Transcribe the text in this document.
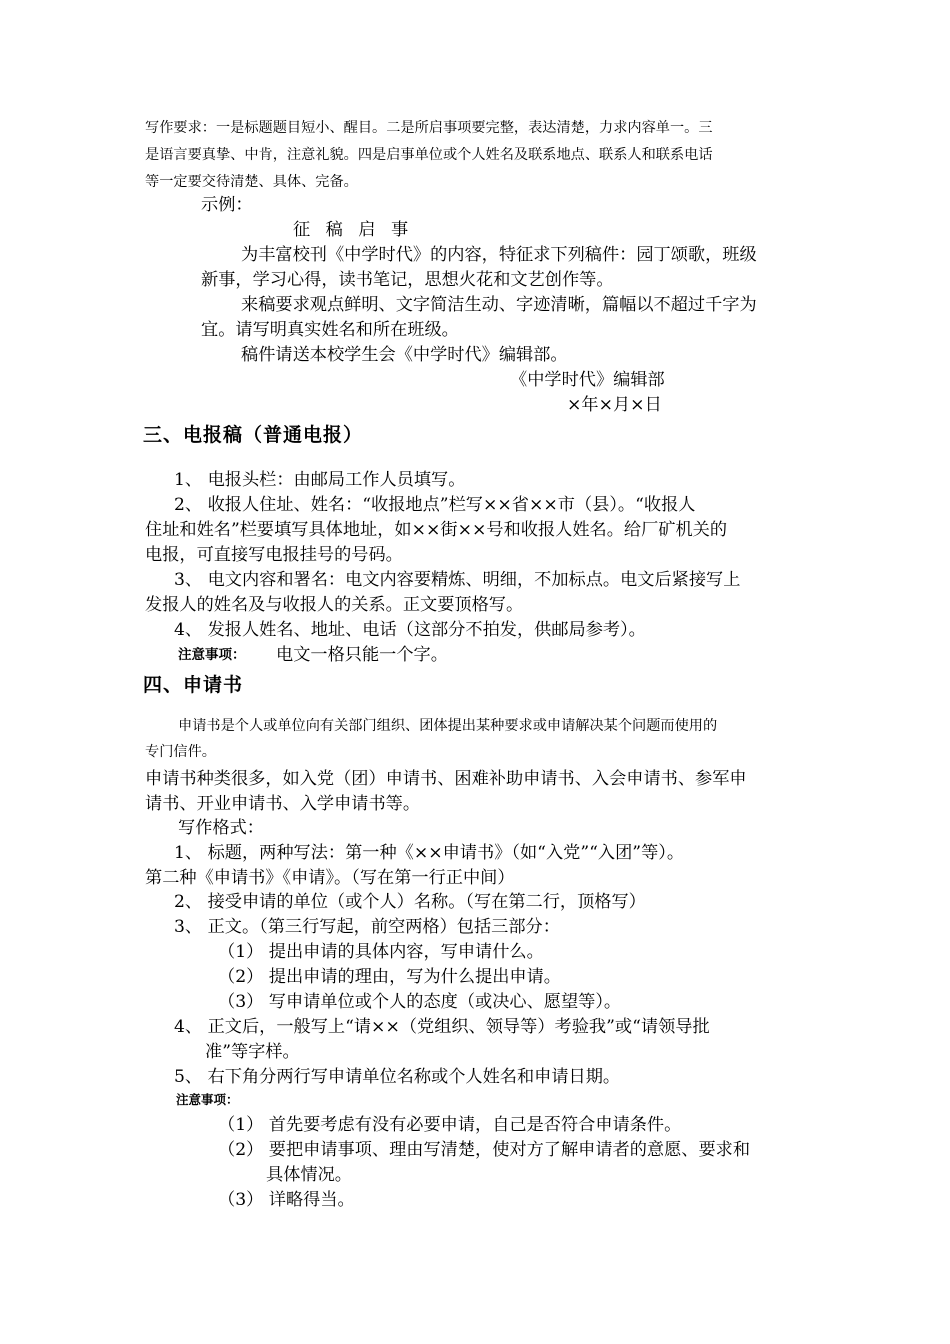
写作要求：一是标题题目短小、醒目。二是所启事项要完整，表达清楚，力求内容单一。三

是语言要真挚、中肯，注意礼貌。四是启事单位或个人姓名及联系地点、联系人和联系电话

等一定要交待清楚、具体、完备。

示例：

征 稿 启 事

为丰富校刊《中学时代》的内容，特征求下列稿件：园丁颂歌，班级

新事，学习心得，读书笔记，思想火花和文艺创作等。

来稿要求观点鲜明、文字简洁生动、字迹清晰，篇幅以不超过千字为

宜。请写明真实姓名和所在班级。

稿件请送本校学生会《中学时代》编辑部。

《中学时代》编辑部

×年×月×日

三、电报稿（普通电报）

1、 电报头栏：由邮局工作人员填写。

2、 收报人住址、姓名：“收报地点”栏写××省××市（县）。“收报人

住址和姓名”栏要填写具体地址，如××街××号和收报人姓名。给厂矿机关的

电报，可直接写电报挂号的号码。

3、 电文内容和署名：电文内容要精炼、明细，不加标点。电文后紧接写上

发报人的姓名及与收报人的关系。正文要顶格写。

4、 发报人姓名、地址、电话（这部分不拍发，供邮局参考）。

注意事项： 电文一格只能一个字。
四、申请书

申请书是个人或单位向有关部门组织、团体提出某种要求或申请解决某个问题而使用的

专门信件。

申请书种类很多，如入党（团）申请书、困难补助申请书、入会申请书、参军申

请书、开业申请书、入学申请书等。

写作格式：

1、 标题，两种写法：第一种《××申请书》（如“入党”“入团”等）。

第二种《申请书》《申请》。（写在第一行正中间）

2、 接受申请的单位（或个人）名称。（写在第二行，顶格写）

3、 正文。（第三行写起，前空两格）包括三部分：

（1） 提出申请的具体内容，写申请什么。

（2） 提出申请的理由，写为什么提出申请。

（3） 写申请单位或个人的态度（或决心、愿望等）。

4、 正文后，一般写上“请××（党组织、领导等）考验我”或“请领导批

准”等字样。

5、 右下角分两行写申请单位名称或个人姓名和申请日期。

注意事项：

（1） 首先要考虑有没有必要申请，自己是否符合申请条件。

（2） 要把申请事项、理由写清楚，使对方了解申请者的意愿、要求和

具体情况。

（3） 详略得当。
